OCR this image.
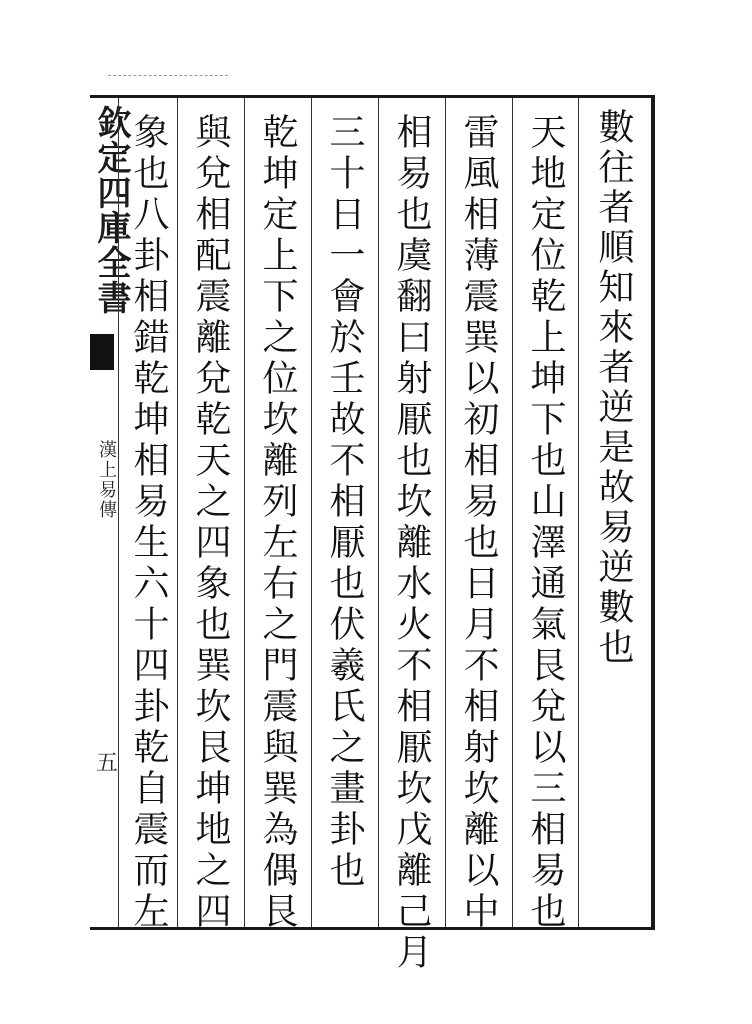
欽定四庫全書
漢上易傳
五
數往者順知來者逆是故易逆數也
天地定位乾上坤下也山澤通氣艮兌以三相易也
雷風相薄震巽以初相易也日月不相射坎離以中
相易也虞翻曰射厭也坎離水火不相厭坎戊離己月
三十日一會於壬故不相厭也伏羲氏之畫卦也
乾坤定上下之位坎離列左右之門震與巽為偶艮
與兌相配震離兌乾天之四象也巽坎艮坤地之四
象也八卦相錯乾坤相易生六十四卦乾自震而左
